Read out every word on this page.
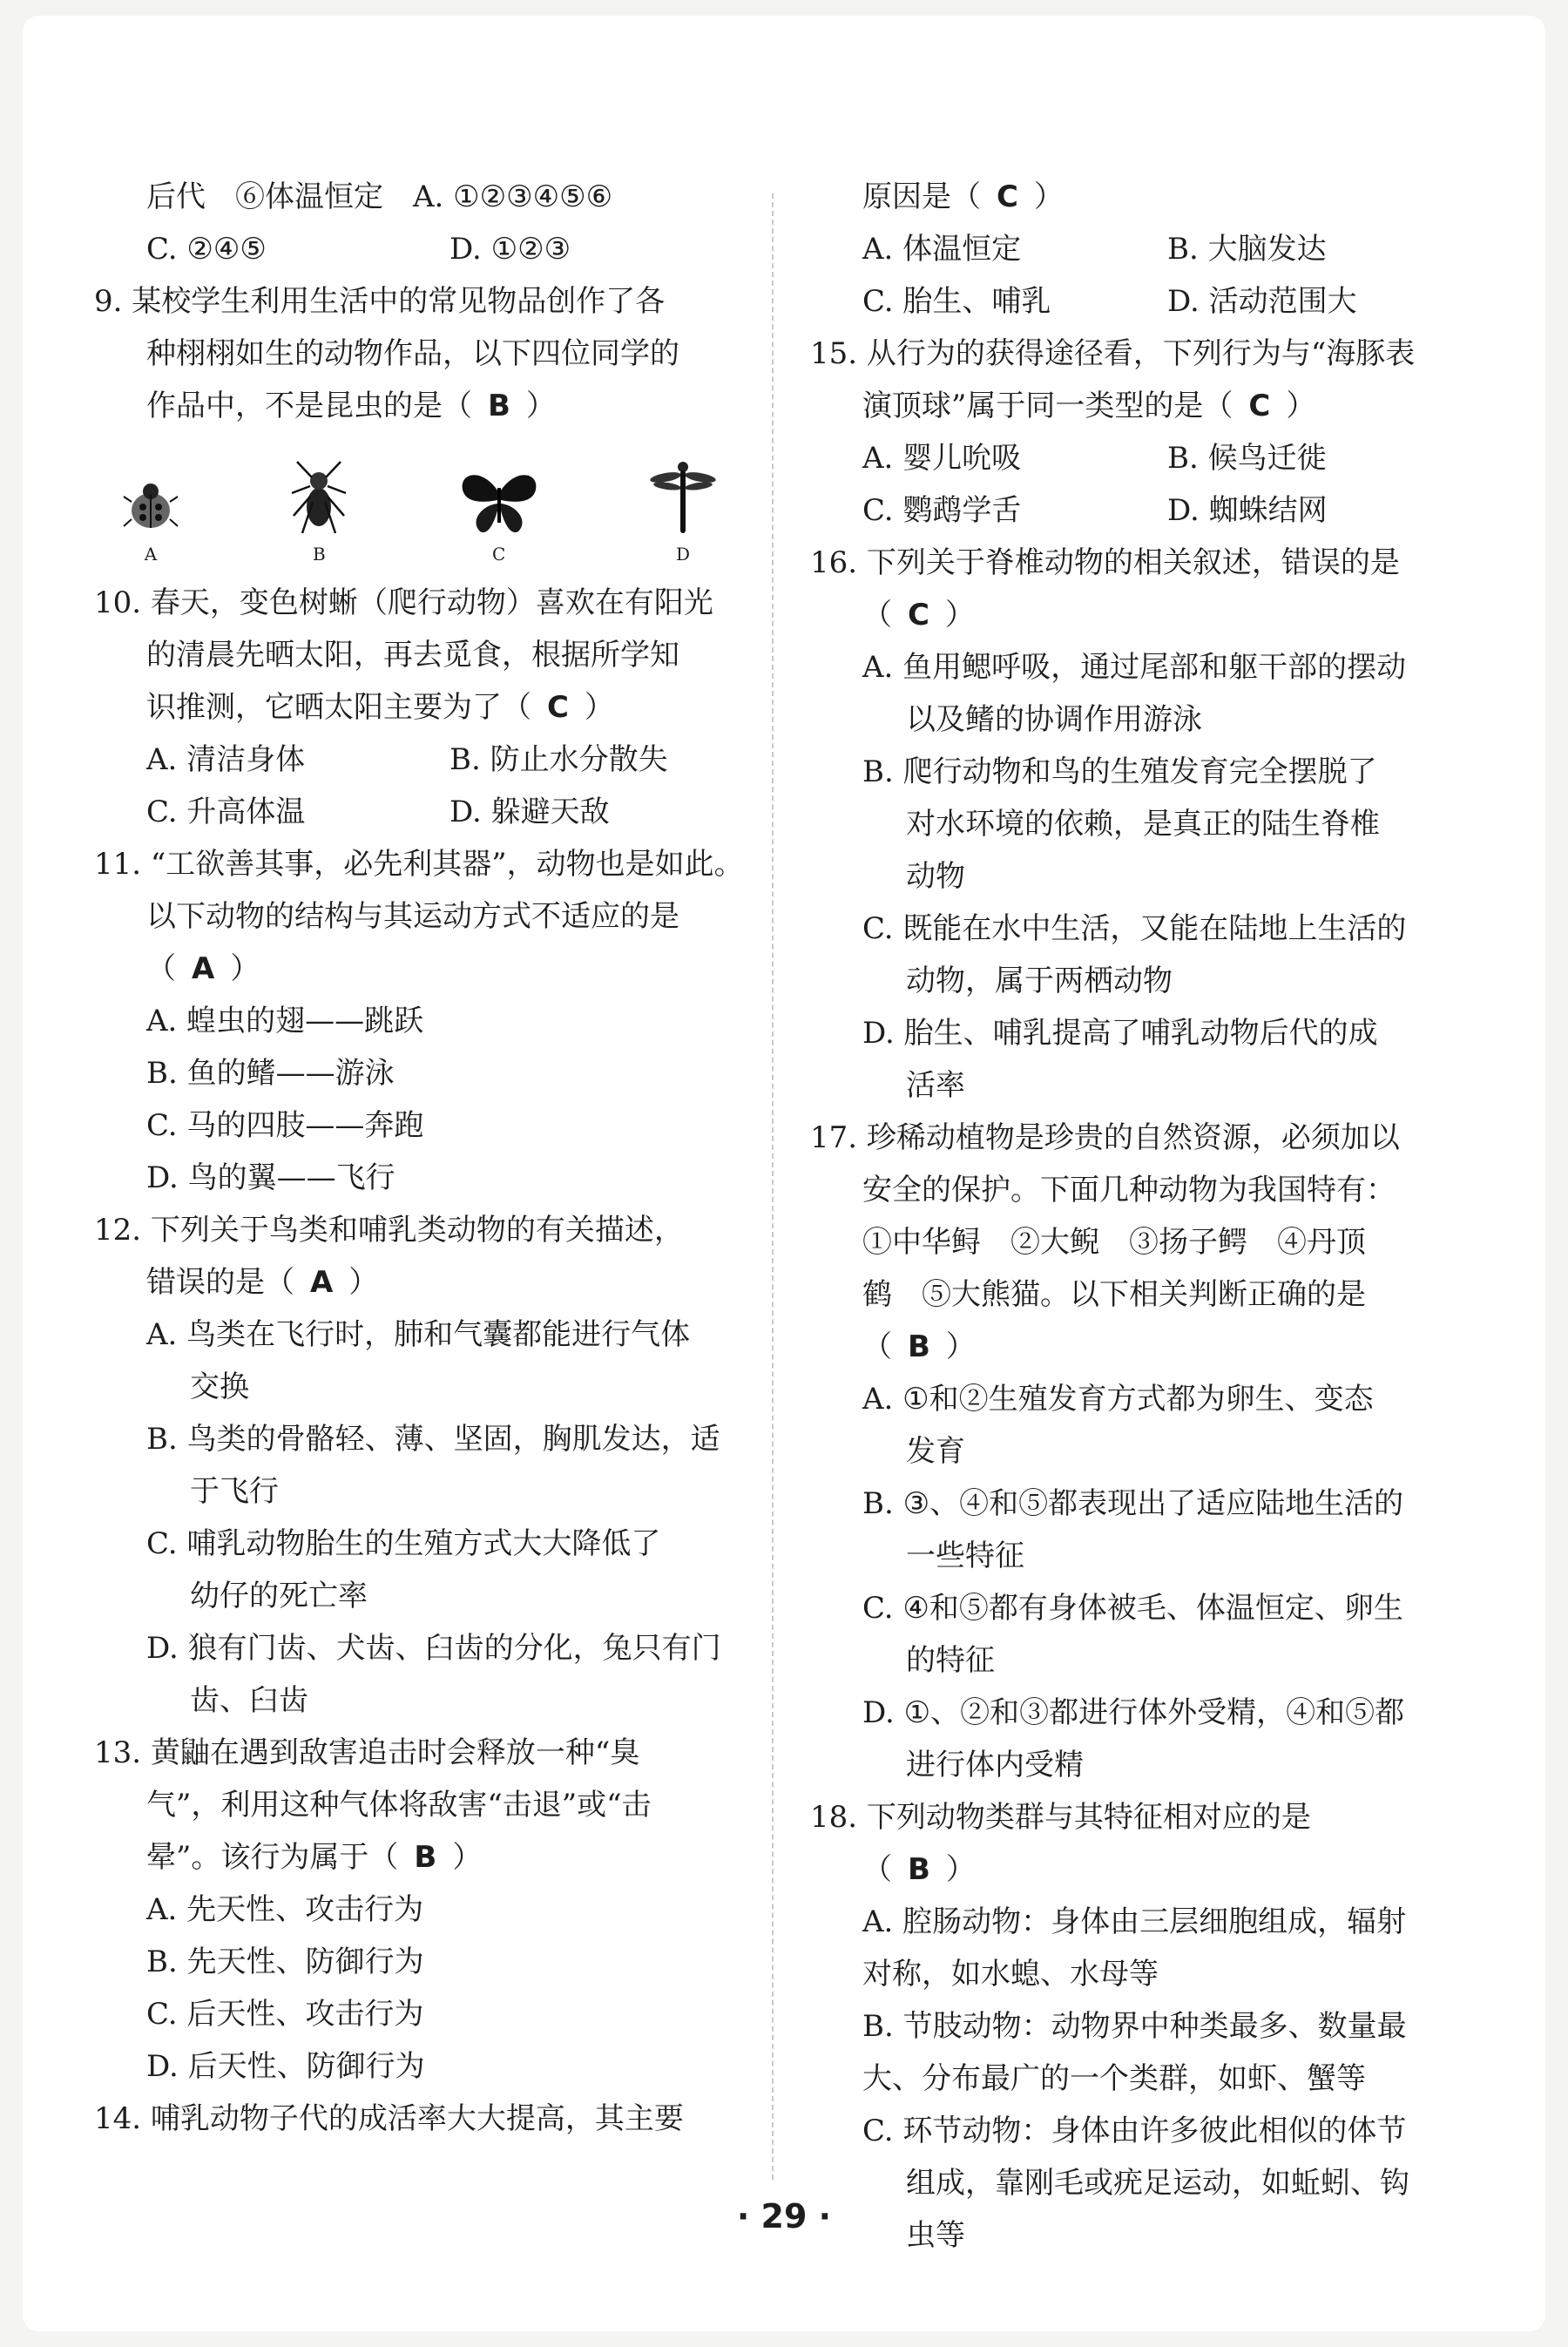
后代　⑥体温恒定　A. ①②③④⑤⑥
C. ②④⑤	D. ①②③
9. 某校学生利用生活中的常见物品创作了各
种栩栩如生的动物作品，以下四位同学的
作品中，不是昆虫的是（ B ）
A	B	C	D
10. 春天，变色树蜥（爬行动物）喜欢在有阳光
的清晨先晒太阳，再去觅食，根据所学知
识推测，它晒太阳主要为了（ C ）
A. 清洁身体	B. 防止水分散失
C. 升高体温	D. 躲避天敌
11. “工欲善其事，必先利其器”，动物也是如此。
以下动物的结构与其运动方式不适应的是
（ A ）
A. 蝗虫的翅——跳跃
B. 鱼的鳍——游泳
C. 马的四肢——奔跑
D. 鸟的翼——飞行
12. 下列关于鸟类和哺乳类动物的有关描述，
错误的是（ A ）
A. 鸟类在飞行时，肺和气囊都能进行气体
交换
B. 鸟类的骨骼轻、薄、坚固，胸肌发达，适
于飞行
C. 哺乳动物胎生的生殖方式大大降低了
幼仔的死亡率
D. 狼有门齿、犬齿、臼齿的分化，兔只有门
齿、臼齿
13. 黄鼬在遇到敌害追击时会释放一种“臭
气”，利用这种气体将敌害“击退”或“击
晕”。该行为属于（ B ）
A. 先天性、攻击行为
B. 先天性、防御行为
C. 后天性、攻击行为
D. 后天性、防御行为
14. 哺乳动物子代的成活率大大提高，其主要
原因是（ C ）
A. 体温恒定	B. 大脑发达
C. 胎生、哺乳	D. 活动范围大
15. 从行为的获得途径看，下列行为与“海豚表
演顶球”属于同一类型的是（ C ）
A. 婴儿吮吸	B. 候鸟迁徙
C. 鹦鹉学舌	D. 蜘蛛结网
16. 下列关于脊椎动物的相关叙述，错误的是
（ C ）
A. 鱼用鳃呼吸，通过尾部和躯干部的摆动
以及鳍的协调作用游泳
B. 爬行动物和鸟的生殖发育完全摆脱了
对水环境的依赖，是真正的陆生脊椎
动物
C. 既能在水中生活，又能在陆地上生活的
动物，属于两栖动物
D. 胎生、哺乳提高了哺乳动物后代的成
活率
17. 珍稀动植物是珍贵的自然资源，必须加以
安全的保护。下面几种动物为我国特有：
①中华鲟　②大鲵　③扬子鳄　④丹顶
鹤　⑤大熊猫。以下相关判断正确的是
（ B ）
A. ①和②生殖发育方式都为卵生、变态
发育
B. ③、④和⑤都表现出了适应陆地生活的
一些特征
C. ④和⑤都有身体被毛、体温恒定、卵生
的特征
D. ①、②和③都进行体外受精，④和⑤都
进行体内受精
18. 下列动物类群与其特征相对应的是
（ B ）
A. 腔肠动物：身体由三层细胞组成，辐射
对称，如水螅、水母等
B. 节肢动物：动物界中种类最多、数量最
大、分布最广的一个类群，如虾、蟹等
C. 环节动物：身体由许多彼此相似的体节
组成，靠刚毛或疣足运动，如蚯蚓、钩
虫等
· 29 ·
